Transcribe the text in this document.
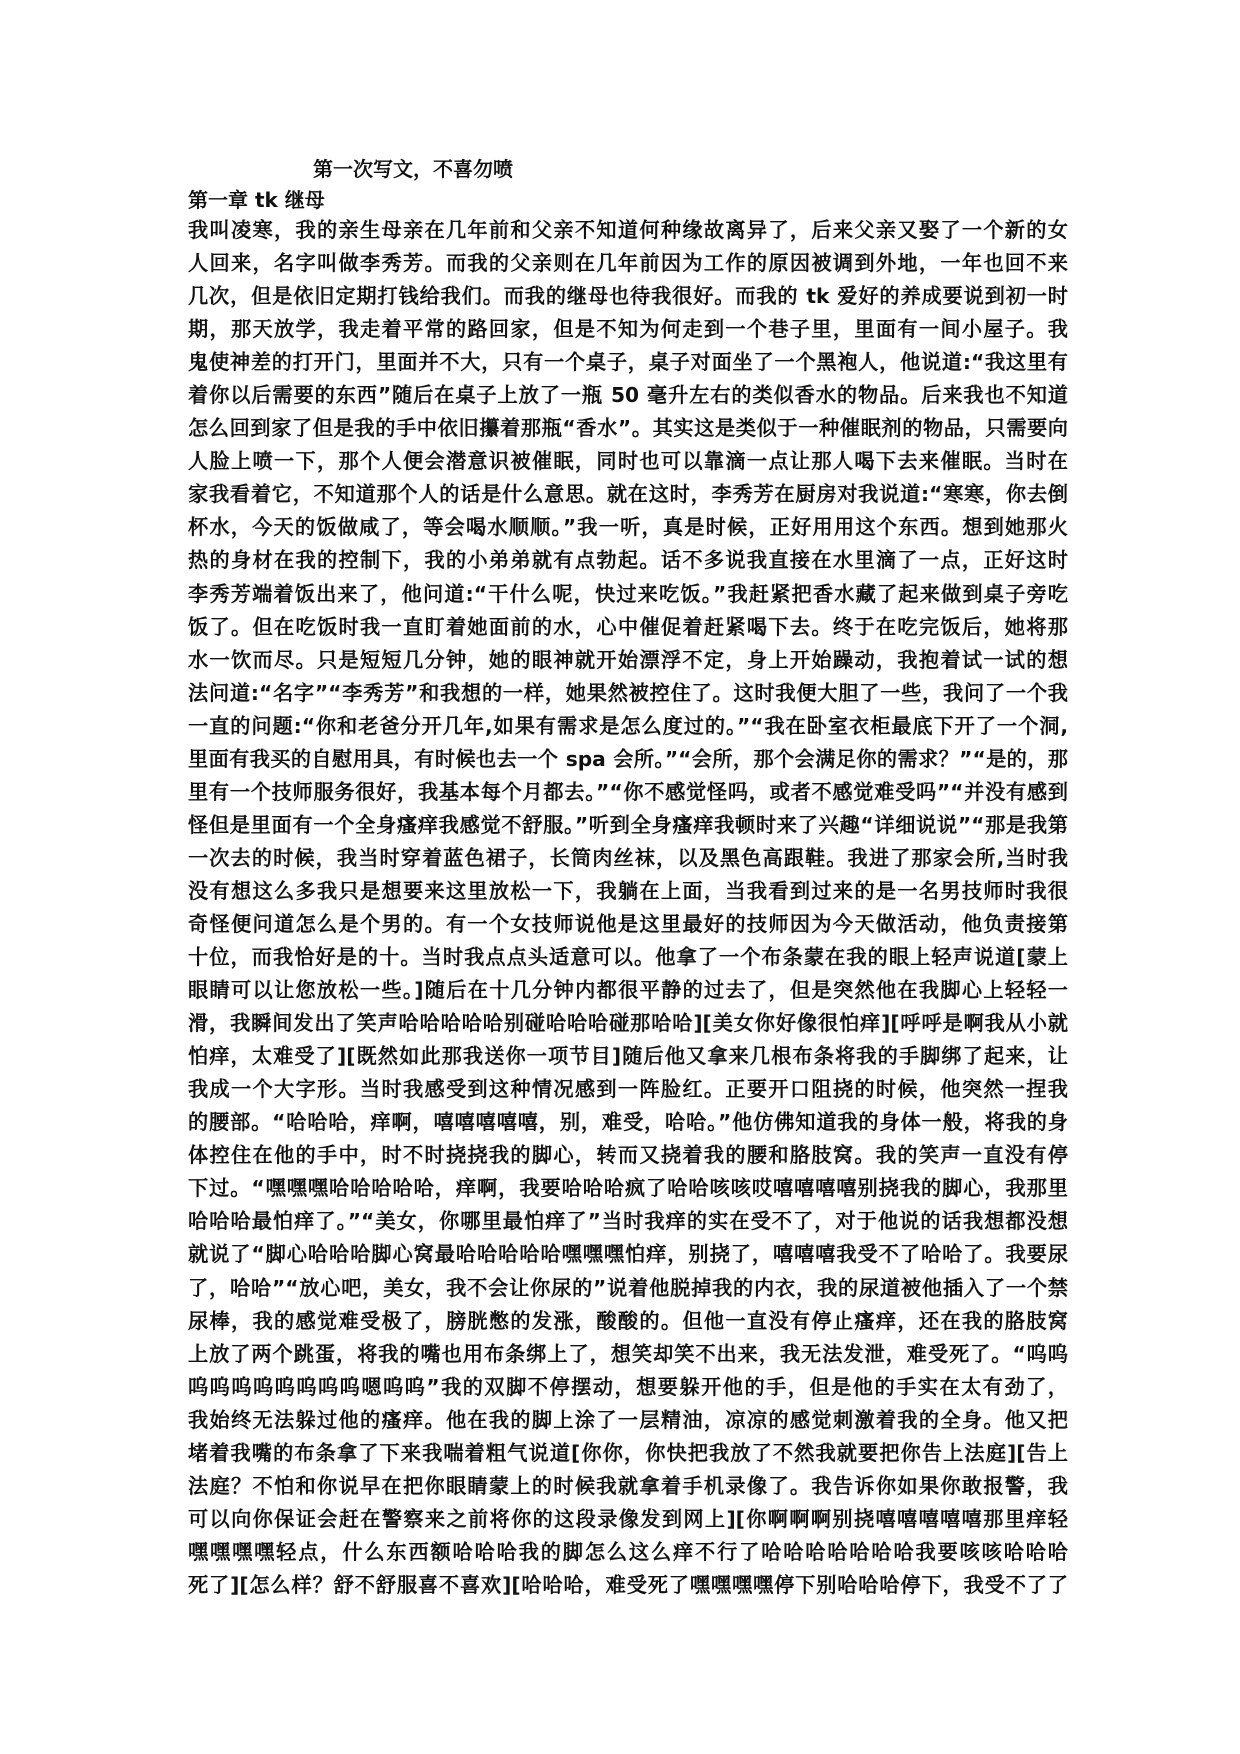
第一次写文，不喜勿喷
第一章 tk 继母
我叫凌寒，我的亲生母亲在几年前和父亲不知道何种缘故离异了，后来父亲又娶了一个新的女
人回来，名字叫做李秀芳。而我的父亲则在几年前因为工作的原因被调到外地，一年也回不来
几次，但是依旧定期打钱给我们。而我的继母也待我很好。而我的 tk 爱好的养成要说到初一时
期，那天放学，我走着平常的路回家，但是不知为何走到一个巷子里，里面有一间小屋子。我
鬼使神差的打开门，里面并不大，只有一个桌子，桌子对面坐了一个黑袍人，他说道:“我这里有
着你以后需要的东西”随后在桌子上放了一瓶 50 毫升左右的类似香水的物品。后来我也不知道
怎么回到家了但是我的手中依旧攥着那瓶“香水”。其实这是类似于一种催眠剂的物品，只需要向
人脸上喷一下，那个人便会潜意识被催眠，同时也可以靠滴一点让那人喝下去来催眠。当时在
家我看着它，不知道那个人的话是什么意思。就在这时，李秀芳在厨房对我说道:“寒寒，你去倒
杯水，今天的饭做咸了，等会喝水顺顺。”我一听，真是时候，正好用用这个东西。想到她那火
热的身材在我的控制下，我的小弟弟就有点勃起。话不多说我直接在水里滴了一点，正好这时
李秀芳端着饭出来了，他问道:“干什么呢，快过来吃饭。”我赶紧把香水藏了起来做到桌子旁吃
饭了。但在吃饭时我一直盯着她面前的水，心中催促着赶紧喝下去。终于在吃完饭后，她将那
水一饮而尽。只是短短几分钟，她的眼神就开始漂浮不定，身上开始躁动，我抱着试一试的想
法问道:“名字”“李秀芳”和我想的一样，她果然被控住了。这时我便大胆了一些，我问了一个我
一直的问题:“你和老爸分开几年,如果有需求是怎么度过的。”“我在卧室衣柜最底下开了一个洞,
里面有我买的自慰用具，有时候也去一个 spa 会所。”“会所，那个会满足你的需求？”“是的，那
里有一个技师服务很好，我基本每个月都去。”“你不感觉怪吗，或者不感觉难受吗”“并没有感到
怪但是里面有一个全身瘙痒我感觉不舒服。”听到全身瘙痒我顿时来了兴趣“详细说说”“那是我第
一次去的时候，我当时穿着蓝色裙子，长筒肉丝袜，以及黑色高跟鞋。我进了那家会所,当时我
没有想这么多我只是想要来这里放松一下，我躺在上面，当我看到过来的是一名男技师时我很
奇怪便问道怎么是个男的。有一个女技师说他是这里最好的技师因为今天做活动，他负责接第
十位，而我恰好是的十。当时我点点头适意可以。他拿了一个布条蒙在我的眼上轻声说道[蒙上
眼睛可以让您放松一些。]随后在十几分钟内都很平静的过去了，但是突然他在我脚心上轻轻一
滑，我瞬间发出了笑声哈哈哈哈哈别碰哈哈哈碰那哈哈][美女你好像很怕痒][呼呼是啊我从小就
怕痒，太难受了][既然如此那我送你一项节目]随后他又拿来几根布条将我的手脚绑了起来，让
我成一个大字形。当时我感受到这种情况感到一阵脸红。正要开口阻挠的时候，他突然一捏我
的腰部。“哈哈哈，痒啊，嘻嘻嘻嘻嘻，别，难受，哈哈。”他仿佛知道我的身体一般，将我的身
体控住在他的手中，时不时挠挠我的脚心，转而又挠着我的腰和胳肢窝。我的笑声一直没有停
下过。“嘿嘿嘿哈哈哈哈哈，痒啊，我要哈哈哈疯了哈哈咳咳哎嘻嘻嘻嘻别挠我的脚心，我那里
哈哈哈最怕痒了。”“美女，你哪里最怕痒了”当时我痒的实在受不了，对于他说的话我想都没想
就说了“脚心哈哈哈脚心窝最哈哈哈哈哈嘿嘿嘿怕痒，别挠了，嘻嘻嘻我受不了哈哈了。我要尿
了，哈哈”“放心吧，美女，我不会让你尿的”说着他脱掉我的内衣，我的尿道被他插入了一个禁
尿棒，我的感觉难受极了，膀胱憋的发涨，酸酸的。但他一直没有停止瘙痒，还在我的胳肢窝
上放了两个跳蛋，将我的嘴也用布条绑上了，想笑却笑不出来，我无法发泄，难受死了。“呜呜
呜呜呜呜呜呜呜呜嗯呜呜”我的双脚不停摆动，想要躲开他的手，但是他的手实在太有劲了，
我始终无法躲过他的瘙痒。他在我的脚上涂了一层精油，凉凉的感觉刺激着我的全身。他又把
堵着我嘴的布条拿了下来我喘着粗气说道[你你，你快把我放了不然我就要把你告上法庭][告上
法庭？不怕和你说早在把你眼睛蒙上的时候我就拿着手机录像了。我告诉你如果你敢报警，我
可以向你保证会赶在警察来之前将你的这段录像发到网上][你啊啊啊别挠嘻嘻嘻嘻嘻那里痒轻
嘿嘿嘿嘿轻点，什么东西额哈哈哈我的脚怎么这么痒不行了哈哈哈哈哈哈哈我要咳咳哈哈哈
死了][怎么样？舒不舒服喜不喜欢][哈哈哈，难受死了嘿嘿嘿嘿停下别哈哈哈停下，我受不了了
